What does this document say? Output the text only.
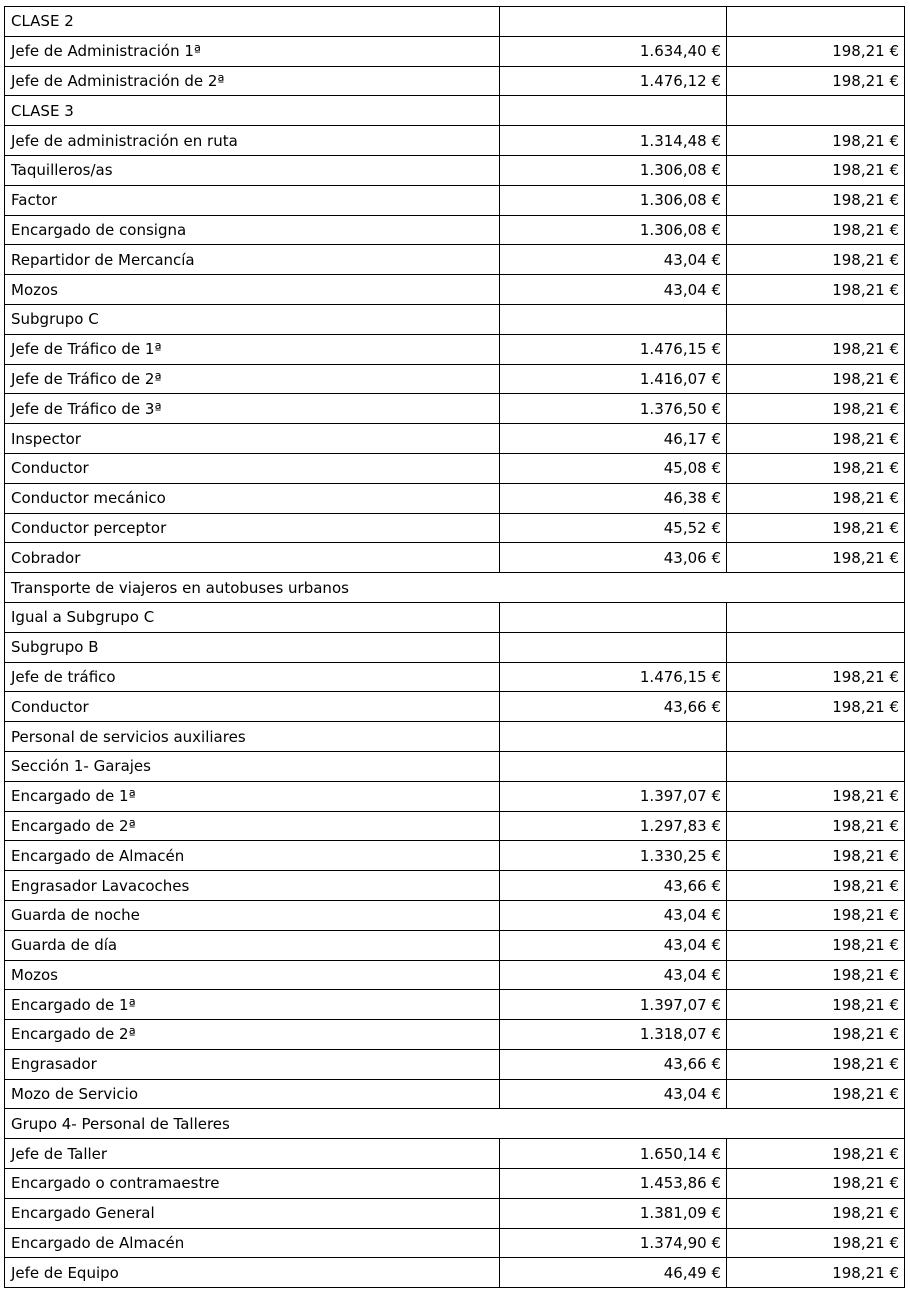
CLASE 2		
Jefe de Administración 1ª	1.634,40 €	198,21 €
Jefe de Administración de 2ª	1.476,12 €	198,21 €
CLASE 3		
Jefe de administración en ruta	1.314,48 €	198,21 €
Taquilleros/as	1.306,08 €	198,21 €
Factor	1.306,08 €	198,21 €
Encargado de consigna	1.306,08 €	198,21 €
Repartidor de Mercancía	43,04 €	198,21 €
Mozos	43,04 €	198,21 €
Subgrupo C		
Jefe de Tráfico de 1ª	1.476,15 €	198,21 €
Jefe de Tráfico de 2ª	1.416,07 €	198,21 €
Jefe de Tráfico de 3ª	1.376,50 €	198,21 €
Inspector	46,17 €	198,21 €
Conductor	45,08 €	198,21 €
Conductor mecánico	46,38 €	198,21 €
Conductor perceptor	45,52 €	198,21 €
Cobrador	43,06 €	198,21 €
Transporte de viajeros en autobuses urbanos		
Igual a Subgrupo C		
Subgrupo B		
Jefe de tráfico	1.476,15 €	198,21 €
Conductor	43,66 €	198,21 €
Personal de servicios auxiliares		
Sección 1- Garajes		
Encargado de 1ª	1.397,07 €	198,21 €
Encargado de 2ª	1.297,83 €	198,21 €
Encargado de Almacén	1.330,25 €	198,21 €
Engrasador Lavacoches	43,66 €	198,21 €
Guarda de noche	43,04 €	198,21 €
Guarda de día	43,04 €	198,21 €
Mozos	43,04 €	198,21 €
Encargado de 1ª	1.397,07 €	198,21 €
Encargado de 2ª	1.318,07 €	198,21 €
Engrasador	43,66 €	198,21 €
Mozo de Servicio	43,04 €	198,21 €
Grupo 4- Personal de Talleres		
Jefe de Taller	1.650,14 €	198,21 €
Encargado o contramaestre	1.453,86 €	198,21 €
Encargado General	1.381,09 €	198,21 €
Encargado de Almacén	1.374,90 €	198,21 €
Jefe de Equipo	46,49 €	198,21 €
